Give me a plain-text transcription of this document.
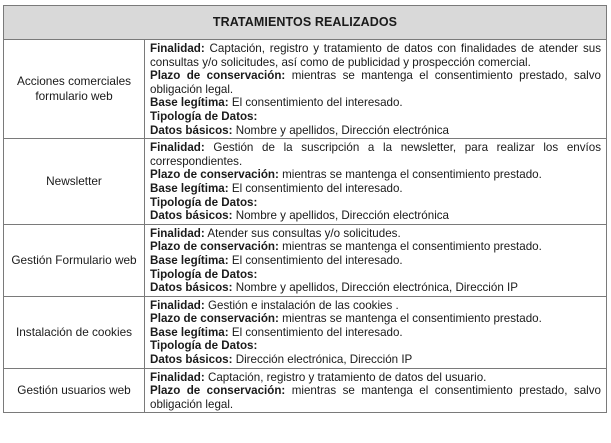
TRATAMIENTOS REALIZADOS	
Acciones comerciales formulario web	Finalidad: Captación, registro y tratamiento de datos con finalidades de atender sus consultas y/o solicitudes, así como de publicidad y prospección comercial.
Plazo de conservación: mientras se mantenga el consentimiento prestado, salvo obligación legal.
Base legítima: El consentimiento del interesado.
Tipología de Datos:
Datos básicos: Nombre y apellidos, Dirección electrónica

Newsletter	Finalidad: Gestión de la suscripción a la newsletter, para realizar los envíos correspondientes.
Plazo de conservación: mientras se mantenga el consentimiento prestado.
Base legítima: El consentimiento del interesado.
Tipología de Datos:
Datos básicos: Nombre y apellidos, Dirección electrónica

Gestión Formulario web	Finalidad: Atender sus consultas y/o solicitudes.
Plazo de conservación: mientras se mantenga el consentimiento prestado.
Base legítima: El consentimiento del interesado.
Tipología de Datos:
Datos básicos: Nombre y apellidos, Dirección electrónica, Dirección IP

Instalación de cookies	Finalidad: Gestión e instalación de las cookies .
Plazo de conservación: mientras se mantenga el consentimiento prestado.
Base legítima: El consentimiento del interesado.
Tipología de Datos:
Datos básicos: Dirección electrónica, Dirección IP

Gestión usuarios web	Finalidad: Captación, registro y tratamiento de datos del usuario.
Plazo de conservación: mientras se mantenga el consentimiento prestado, salvo obligación legal.
